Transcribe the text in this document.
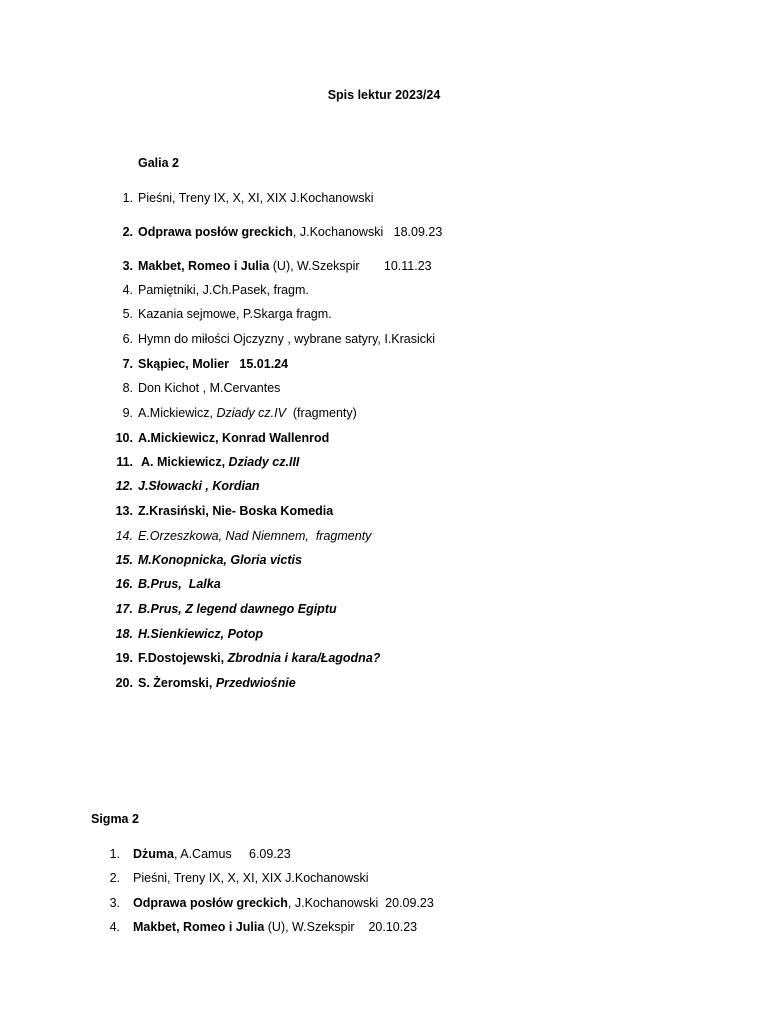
Spis lektur 2023/24
Galia 2
1. Pieśni, Treny IX, X, XI, XIX J.Kochanowski
2. Odprawa posłów greckich, J.Kochanowski   18.09.23
3. Makbet, Romeo i Julia (U), W.Szekspir       10.11.23
4. Pamiętniki, J.Ch.Pasek, fragm.
5. Kazania sejmowe, P.Skarga fragm.
6. Hymn do miłości Ojczyzny , wybrane satyry, I.Krasicki
7. Skąpiec, Molier   15.01.24
8. Don Kichot , M.Cervantes
9. A.Mickiewicz, Dziady cz.IV  (fragmenty)
10. A.Mickiewicz, Konrad Wallenrod
11. A. Mickiewicz, Dziady cz.III
12. J.Słowacki , Kordian
13. Z.Krasiński, Nie- Boska Komedia
14. E.Orzeszkowa, Nad Niemnem,  fragmenty
15. M.Konopnicka, Gloria victis
16. B.Prus,  Lalka
17. B.Prus, Z legend dawnego Egiptu
18. H.Sienkiewicz, Potop
19. F.Dostojewski, Zbrodnia i kara/Łagodna?
20. S. Żeromski, Przedwiośnie
Sigma 2
1. Dżuma, A.Camus     6.09.23
2. Pieśni, Treny IX, X, XI, XIX J.Kochanowski
3. Odprawa posłów greckich, J.Kochanowski  20.09.23
4. Makbet, Romeo i Julia (U), W.Szekspir    20.10.23
